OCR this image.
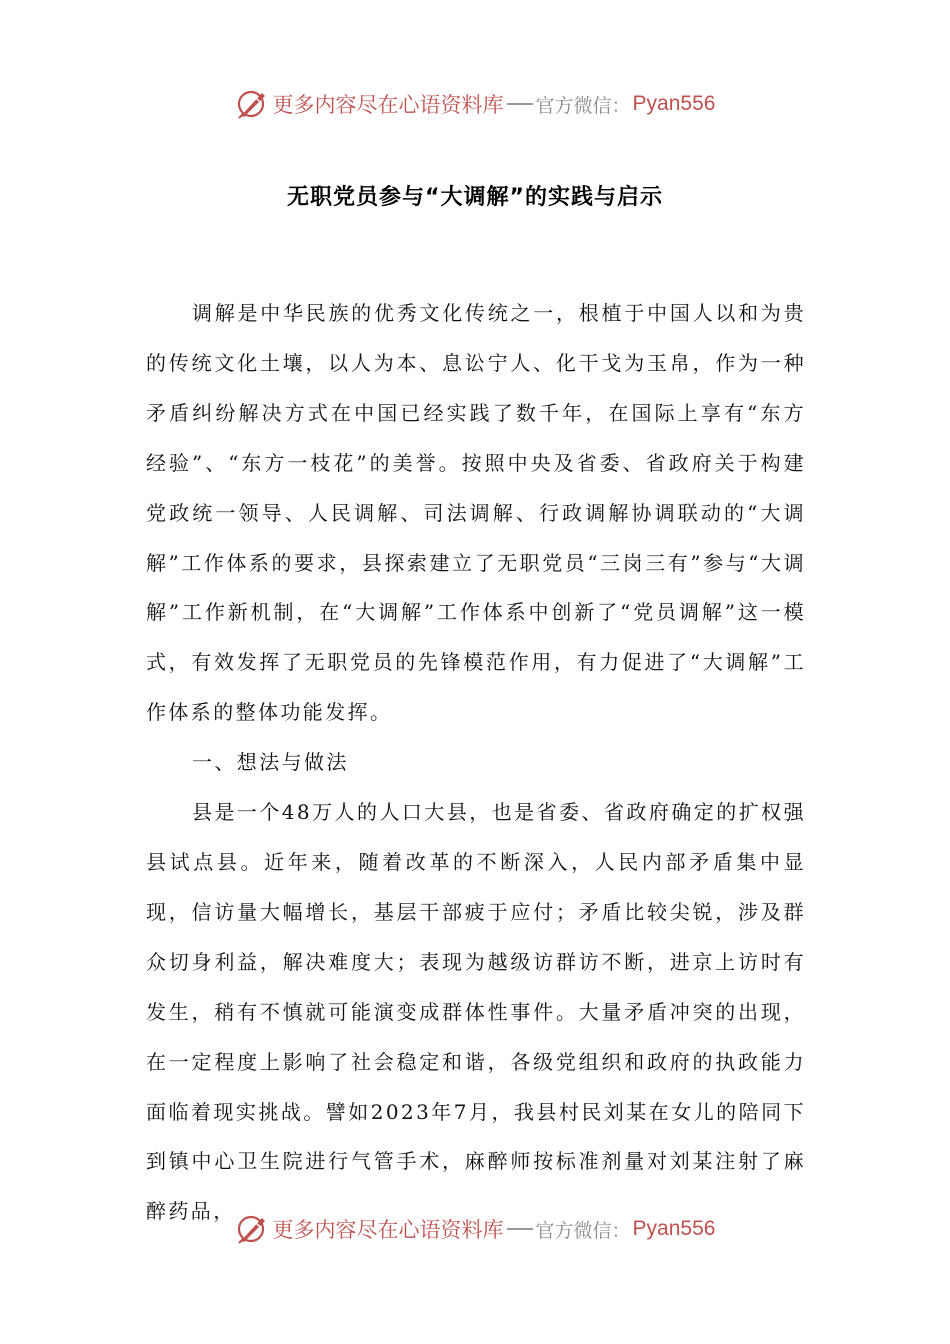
更多内容尽在心语资料库 官方微信： Pyan556
无职党员参与“大调解”的实践与启示

调解是中华民族的优秀文化传统之一，根植于中国人以和为贵的传统文化土壤，以人为本、息讼宁人、化干戈为玉帛，作为一种矛盾纠纷解决方式在中国已经实践了数千年，在国际上享有“东方经验”、“东方一枝花”的美誉。按照中央及省委、省政府关于构建党政统一领导、人民调解、司法调解、行政调解协调联动的“大调解”工作体系的要求，县探索建立了无职党员“三岗三有”参与“大调解”工作新机制，在“大调解”工作体系中创新了“党员调解”这一模式，有效发挥了无职党员的先锋模范作用，有力促进了“大调解”工作体系的整体功能发挥。

一、想法与做法

县是一个48万人的人口大县，也是省委、省政府确定的扩权强县试点县。近年来，随着改革的不断深入，人民内部矛盾集中显现，信访量大幅增长，基层干部疲于应付；矛盾比较尖锐，涉及群众切身利益，解决难度大；表现为越级访群访不断，进京上访时有发生，稍有不慎就可能演变成群体性事件。大量矛盾冲突的出现，在一定程度上影响了社会稳定和谐，各级党组织和政府的执政能力面临着现实挑战。譬如2023年7月，我县村民刘某在女儿的陪同下到镇中心卫生院进行气管手术，麻醉师按标准剂量对刘某注射了麻醉药品，

更多内容尽在心语资料库 官方微信： Pyan556
